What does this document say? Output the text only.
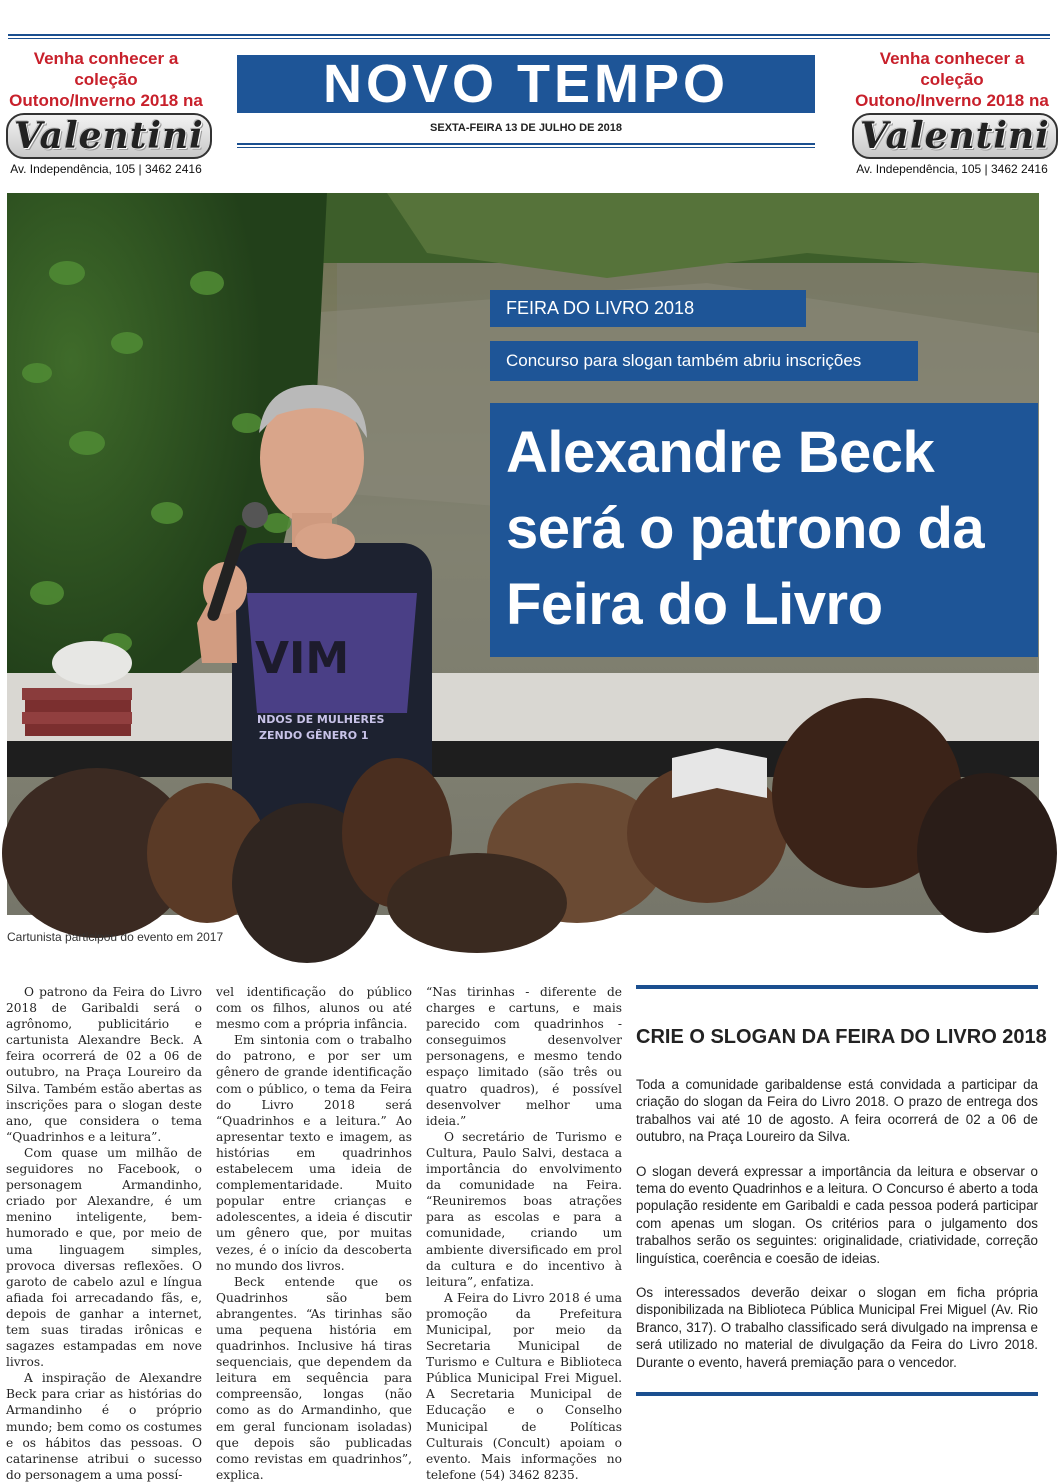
Venha conhecer a coleção
Outono/Inverno 2018 na
Valentini
Av. Independência, 105 | 3462 2416
NOVO TEMPO
SEXTA-FEIRA 13 DE JULHO DE 2018
Venha conhecer a coleção
Outono/Inverno 2018 na
Valentini
Av. Independência, 105 | 3462 2416
VIM
NDOS DE MULHERES
ZENDO GÊNERO 1
FEIRA DO LIVRO 2018
Concurso para slogan também abriu inscrições
Alexandre Beck
será o patrono da
Feira do Livro
Cartunista participou do evento em 2017

O patrono da Feira do Livro 2018 de Garibaldi será o agrônomo, publicitário e cartunista Alexandre Beck. A feira ocorrerá de 02 a 06 de outubro, na Praça Loureiro da Silva. Também estão abertas as inscrições para o slogan deste ano, que considera o tema “Quadrinhos e a leitura”.

Com quase um milhão de seguidores no Facebook, o personagem Armandinho, criado por Alexandre, é um menino inteligente, bem-humorado e que, por meio de uma linguagem simples, provoca diversas reflexões. O garoto de cabelo azul e língua afiada foi arrecadando fãs, e, depois de ganhar a internet, tem suas tiradas irônicas e sagazes estampadas em nove livros.

A inspiração de Alexandre Beck para criar as histórias do Armandinho é o próprio mundo; bem como os costumes e os hábitos das pessoas. O catarinense atribui o sucesso do personagem a uma possí-

vel identificação do público com os filhos, alunos ou até mesmo com a própria infância.

Em sintonia com o trabalho do patrono, e por ser um gênero de grande identificação com o público, o tema da Feira do Livro 2018 será “Quadrinhos e a leitura.” Ao apresentar texto e imagem, as histórias em quadrinhos estabelecem uma ideia de complementaridade. Muito popular entre crianças e adolescentes, a ideia é discutir um gênero que, por muitas vezes, é o início da descoberta no mundo dos livros.

Beck entende que os Quadrinhos são bem abrangentes. “As tirinhas são uma pequena história em quadrinhos. Inclusive há tiras sequenciais, que dependem da leitura em sequência para compreensão, longas (não como as do Armandinho, que em geral funcionam isoladas) que depois são publicadas como revistas em quadrinhos”, explica.

“Nas tirinhas - diferente de charges e cartuns, e mais parecido com quadrinhos - conseguimos desenvolver personagens, e mesmo tendo espaço limitado (são três ou quatro quadros), é possível desenvolver melhor uma ideia.”

O secretário de Turismo e Cultura, Paulo Salvi, destaca a importância do envolvimento da comunidade na Feira. “Reuniremos boas atrações para as escolas e para a comunidade, criando um ambiente diversificado em prol da cultura e do incentivo à leitura”, enfatiza.

A Feira do Livro 2018 é uma promoção da Prefeitura Municipal, por meio da Secretaria Municipal de Turismo e Cultura e Biblioteca Pública Municipal Frei Miguel. A Secretaria Municipal de Educação e o Conselho Municipal de Políticas Culturais (Concult) apoiam o evento. Mais informações no telefone (54) 3462 8235.

CRIE O SLOGAN DA FEIRA DO LIVRO 2018

Toda a comunidade garibaldense está convidada a participar da criação do slogan da Feira do Livro 2018. O prazo de entrega dos trabalhos vai até 10 de agosto. A feira ocorrerá de 02 a 06 de outubro, na Praça Loureiro da Silva.

O slogan deverá expressar a importância da leitura e observar o tema do evento Quadrinhos e a leitura. O Concurso é aberto a toda população residente em Garibaldi e cada pessoa poderá participar com apenas um slogan. Os critérios para o julgamento dos trabalhos serão os seguintes: originalidade, criatividade, correção linguística, coerência e coesão de ideias.

Os interessados deverão deixar o slogan em ficha própria disponibilizada na Biblioteca Pública Municipal Frei Miguel (Av. Rio Branco, 317). O trabalho classificado será divulgado na imprensa e será utilizado no material de divulgação da Feira do Livro 2018. Durante o evento, haverá premiação para o vencedor.
